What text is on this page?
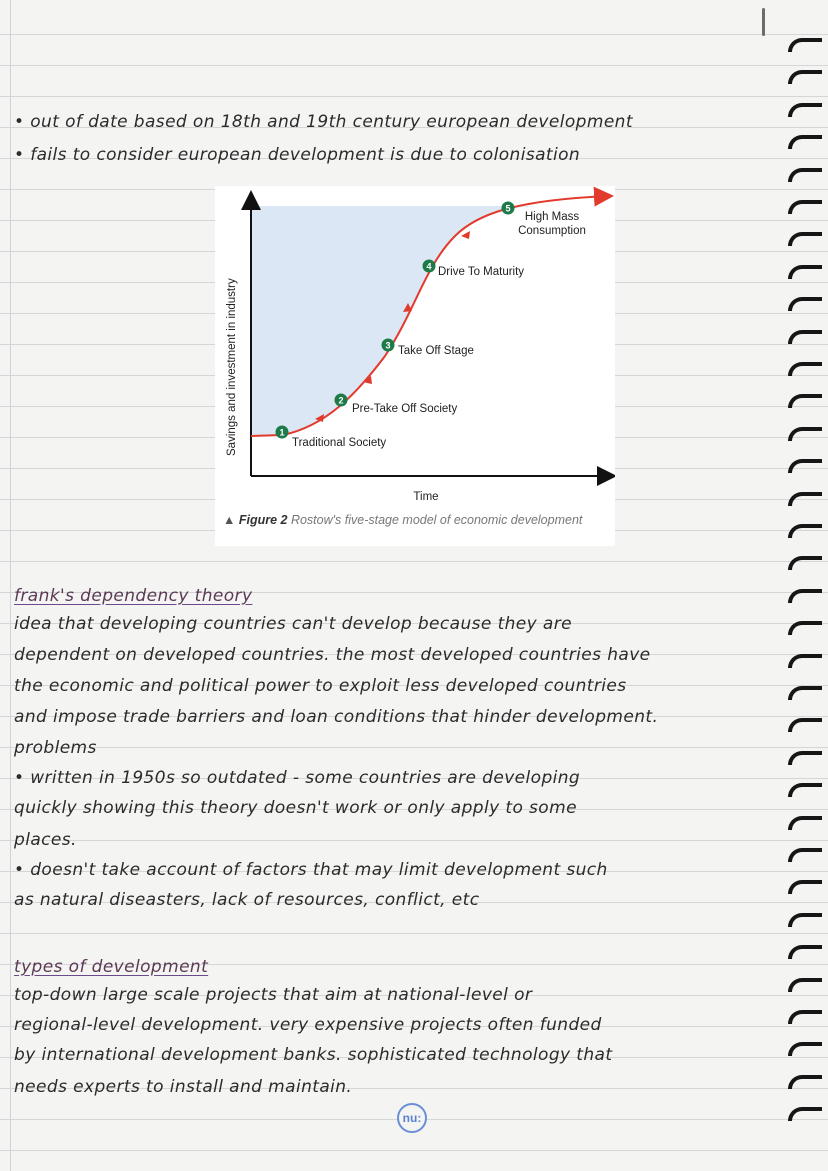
• out of date based on 18th and 19th century european development
• fails to consider european development is due to colonisation
1
2
3
4
5
Traditional Society
Pre-Take Off Society
Take Off Stage
Drive To Maturity
High Mass Consumption
Savings and investment in industry
Time
▲ Figure 2 Rostow's five-stage model of economic development
frank's dependency theory
idea that developing countries can't develop because they are
dependent on developed countries. the most developed countries have
the economic and political power to exploit less developed countries
and impose trade barriers and loan conditions that hinder development.
problems
• written in 1950s so outdated - some countries are developing
quickly showing this theory doesn't work or only apply to some
places.
• doesn't take account of factors that may limit development such
as natural diseasters, lack of resources, conflict, etc
types of development
top-down large scale projects that aim at national-level or
regional-level development. very expensive projects often funded
by international development banks. sophisticated technology that
needs experts to install and maintain.
nu:
